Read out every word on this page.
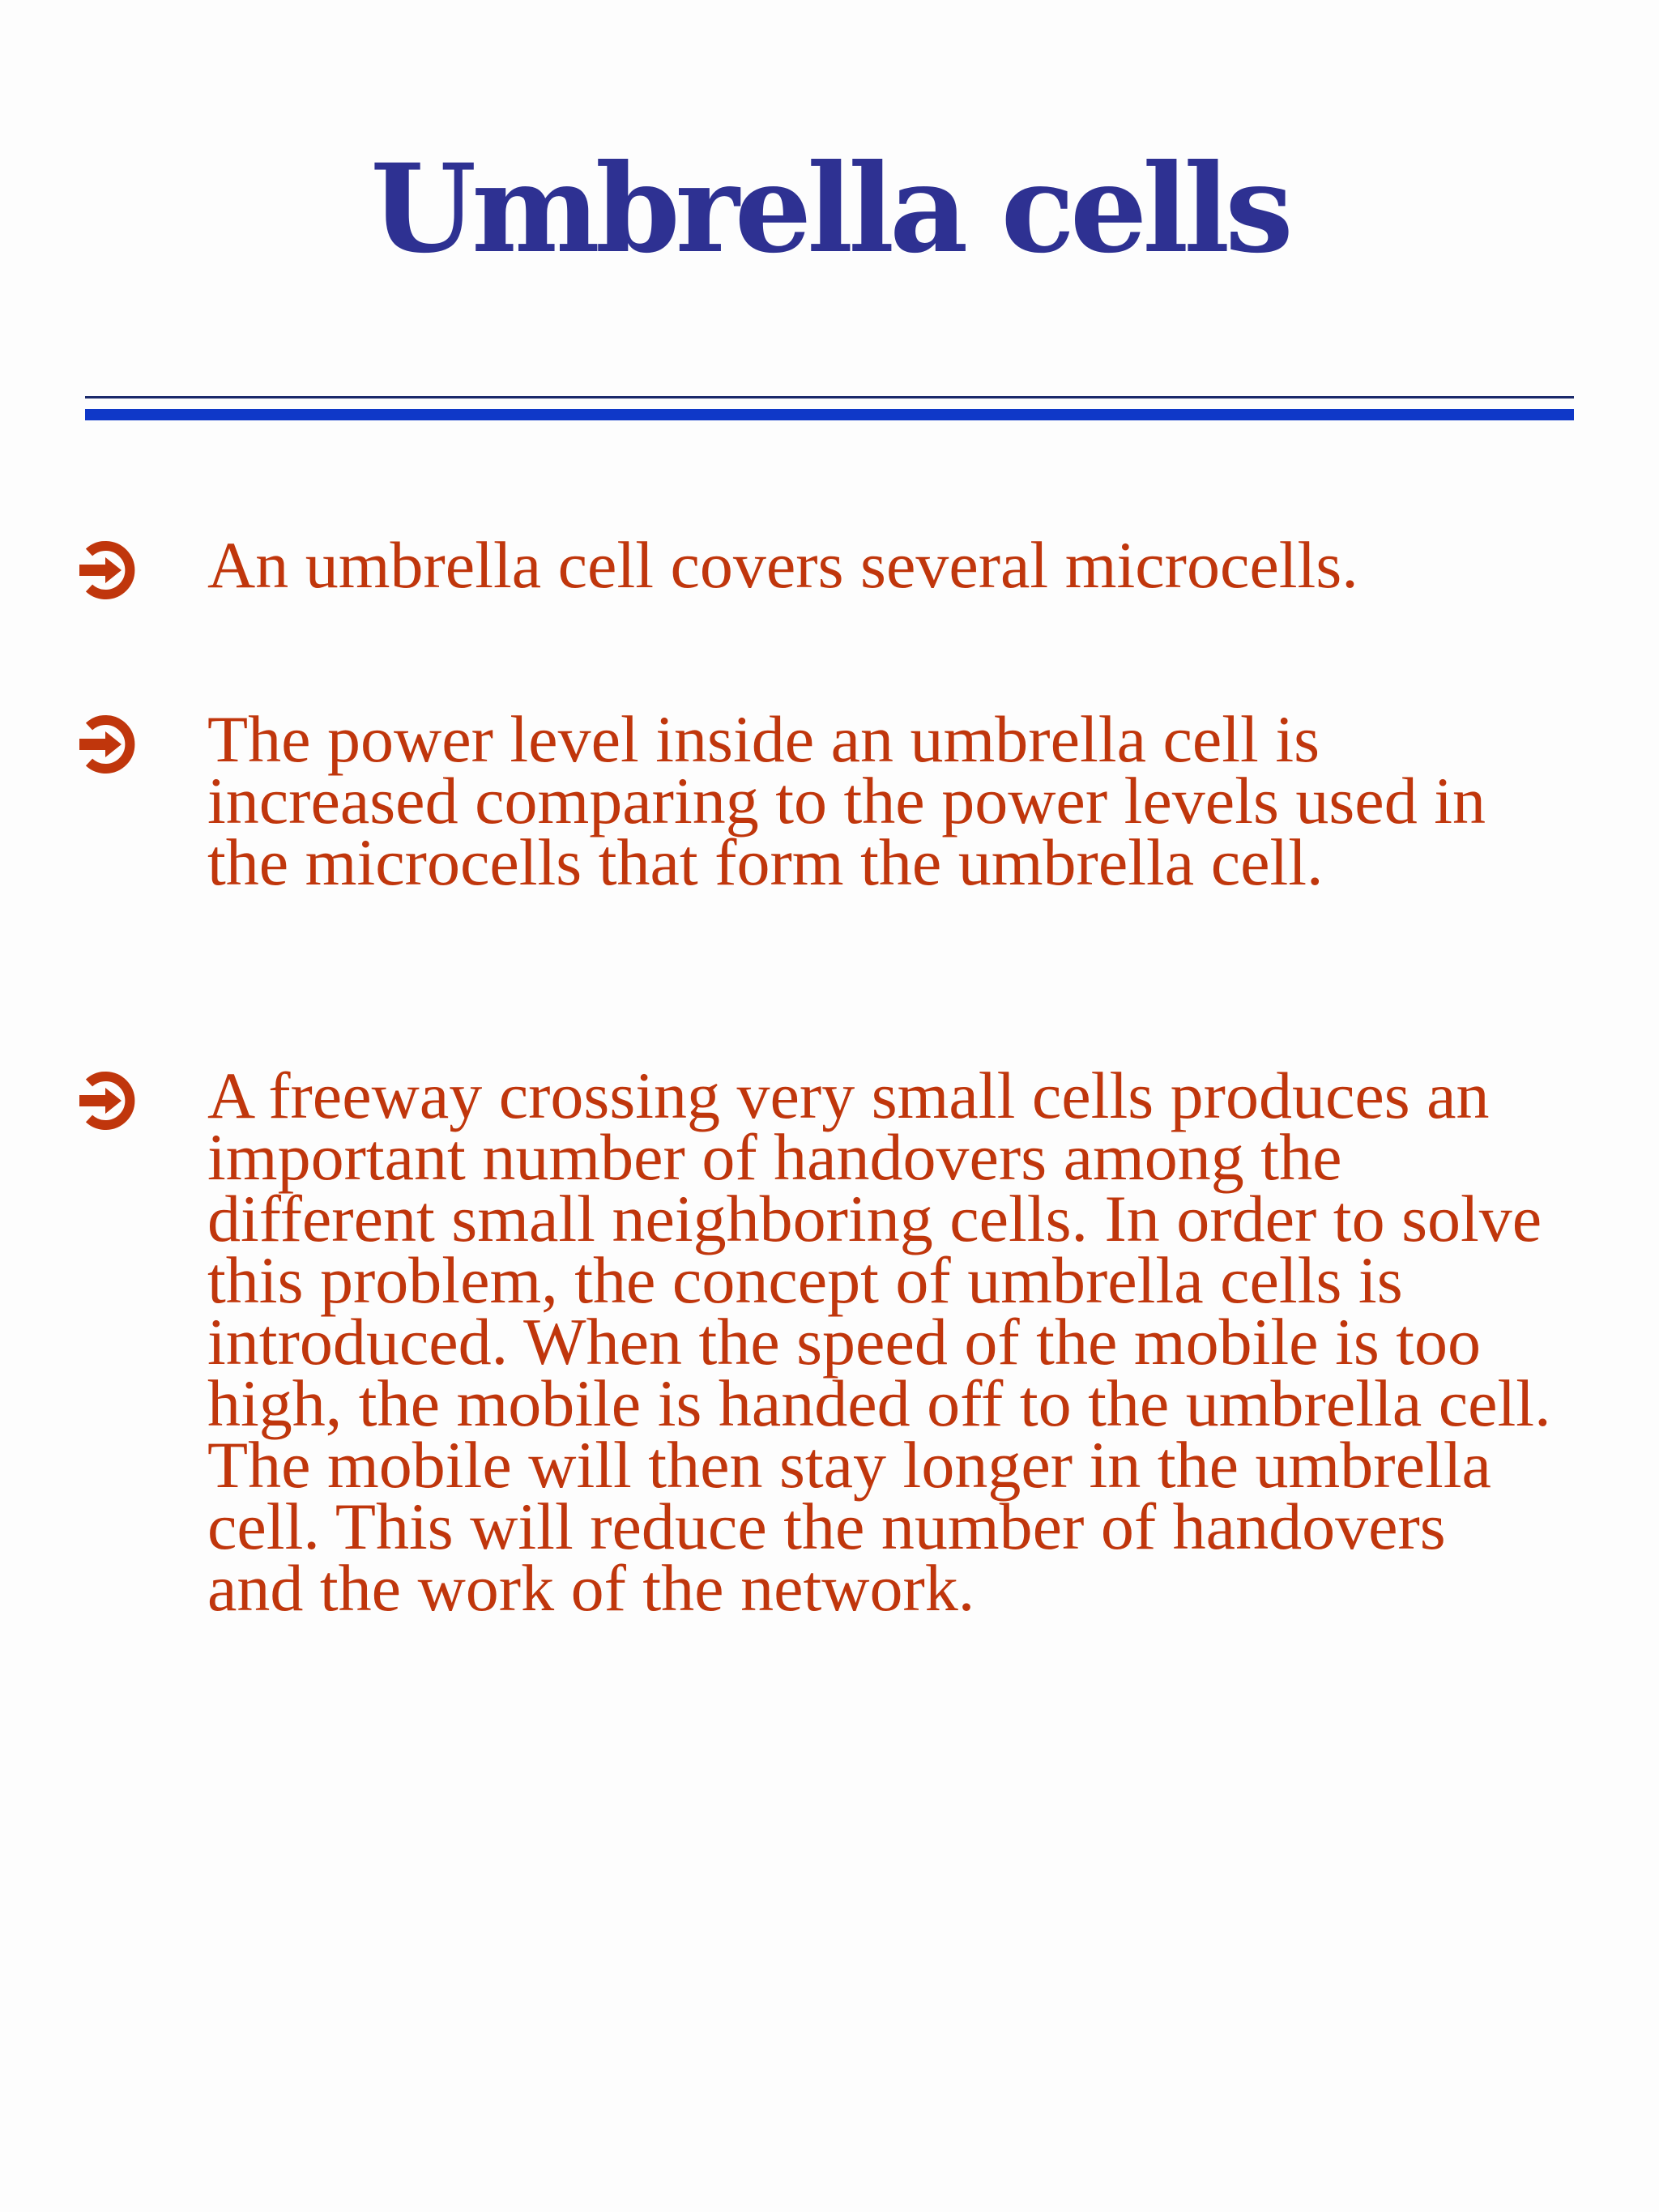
Umbrella cells

An umbrella cell covers several microcells.

The power level inside an umbrella cell is increased comparing to the power levels used in the microcells that form the umbrella cell.

A freeway crossing very small cells produces an important number of handovers among the different small neighboring cells. In order to solve this problem, the concept of umbrella cells is introduced. When the speed of the mobile is too high, the mobile is handed off to the umbrella cell. The mobile will then stay longer in the umbrella cell. This will reduce the number of handovers and the work of the network.
